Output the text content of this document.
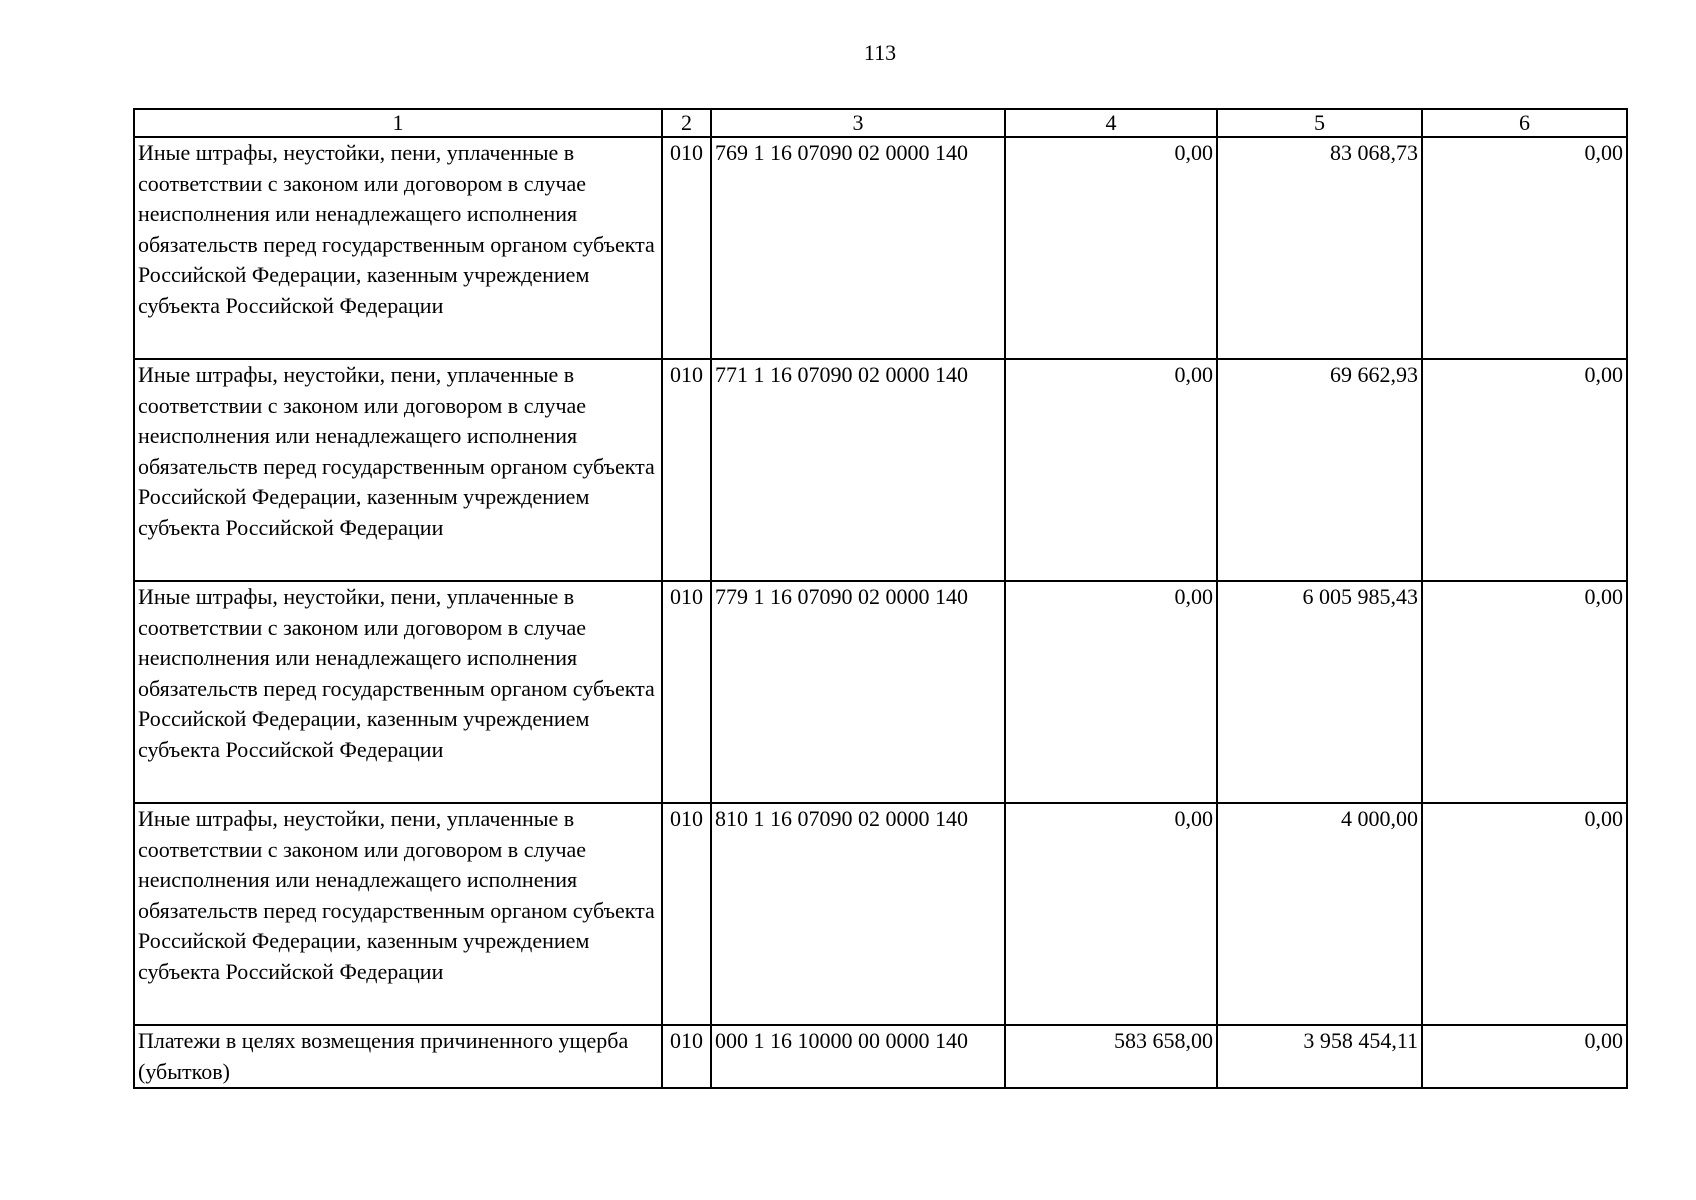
113
1	2	3	4	5	6
Иные штрафы, неустойки, пени, уплаченные в соответствии с законом или договором в случае неисполнения или ненадлежащего исполнения обязательств перед государственным органом субъекта Российской Федерации, казенным учреждением субъекта Российской Федерации	010	769 1 16 07090 02 0000 140	0,00	83 068,73	0,00
Иные штрафы, неустойки, пени, уплаченные в соответствии с законом или договором в случае неисполнения или ненадлежащего исполнения обязательств перед государственным органом субъекта Российской Федерации, казенным учреждением субъекта Российской Федерации	010	771 1 16 07090 02 0000 140	0,00	69 662,93	0,00
Иные штрафы, неустойки, пени, уплаченные в соответствии с законом или договором в случае неисполнения или ненадлежащего исполнения обязательств перед государственным органом субъекта Российской Федерации, казенным учреждением субъекта Российской Федерации	010	779 1 16 07090 02 0000 140	0,00	6 005 985,43	0,00
Иные штрафы, неустойки, пени, уплаченные в соответствии с законом или договором в случае неисполнения или ненадлежащего исполнения обязательств перед государственным органом субъекта Российской Федерации, казенным учреждением субъекта Российской Федерации	010	810 1 16 07090 02 0000 140	0,00	4 000,00	0,00
Платежи в целях возмещения причиненного ущерба (убытков)	010	000 1 16 10000 00 0000 140	583 658,00	3 958 454,11	0,00
